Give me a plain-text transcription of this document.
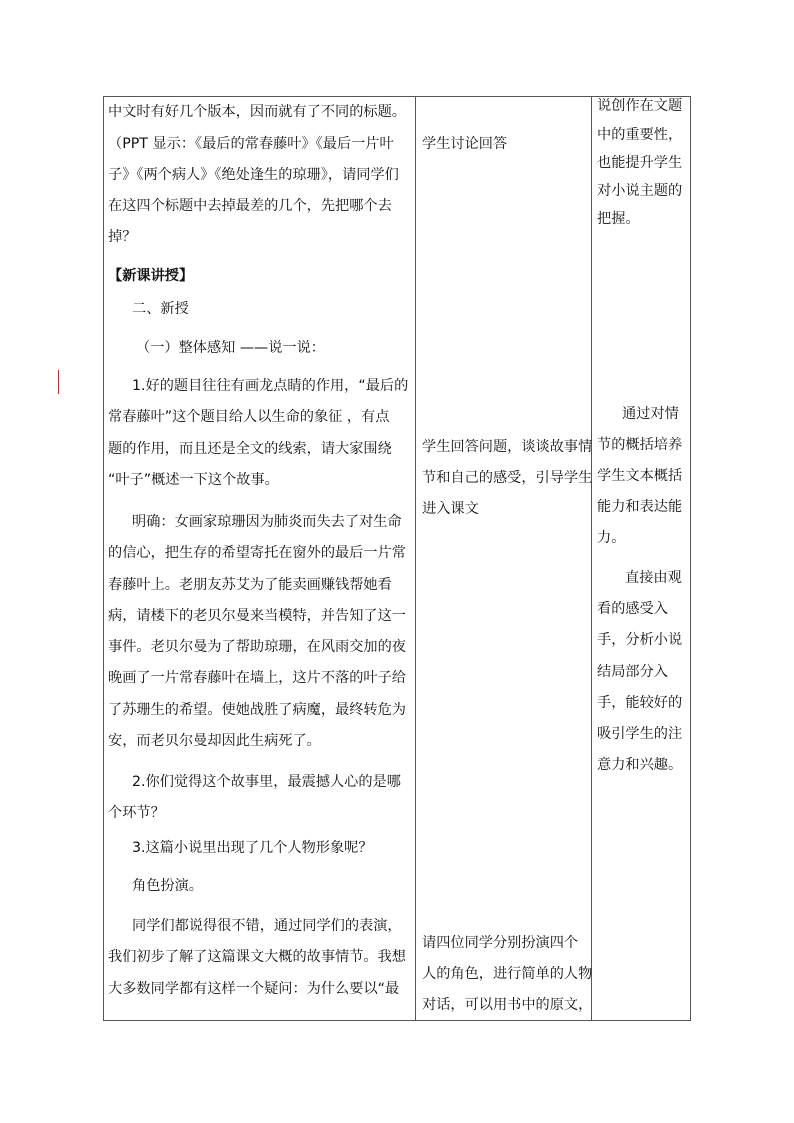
中文时有好几个版本，因而就有了不同的标题。
（PPT 显示：《最后的常春藤叶》《最后一片叶
子》《两个病人》《绝处逢生的琼珊》，请同学们
在这四个标题中去掉最差的几个，先把哪个去
掉？
【新课讲授】
二、新授
（一）整体感知 ——说一说：
1.好的题目往往有画龙点睛的作用，“最后的
常春藤叶”这个题目给人以生命的象征 ，有点
题的作用，而且还是全文的线索，请大家围绕
“叶子”概述一下这个故事。
明确：女画家琼珊因为肺炎而失去了对生命
的信心，把生存的希望寄托在窗外的最后一片常
春藤叶上。老朋友苏艾为了能卖画赚钱帮她看
病，请楼下的老贝尔曼来当模特，并告知了这一
事件。老贝尔曼为了帮助琼珊，在风雨交加的夜
晚画了一片常春藤叶在墙上，这片不落的叶子给
了苏珊生的希望。使她战胜了病魔，最终转危为
安，而老贝尔曼却因此生病死了。
2.你们觉得这个故事里，最震撼人心的是哪
个环节？
3.这篇小说里出现了几个人物形象呢？
角色扮演。
同学们都说得很不错，通过同学们的表演，
我们初步了解了这篇课文大概的故事情节。我想
大多数同学都有这样一个疑问：为什么要以“最
学生讨论回答
学生回答问题，谈谈故事情
节和自己的感受，引导学生
进入课文
请四位同学分别扮演四个
人的角色，进行简单的人物
对话，可以用书中的原文，
说创作在文题
中的重要性，
也能提升学生
对小说主题的
把握。
通过对情
节的概括培养
学生文本概括
能力和表达能
力。
直接由观
看的感受入
手，分析小说
结局部分入
手，能较好的
吸引学生的注
意力和兴趣。
